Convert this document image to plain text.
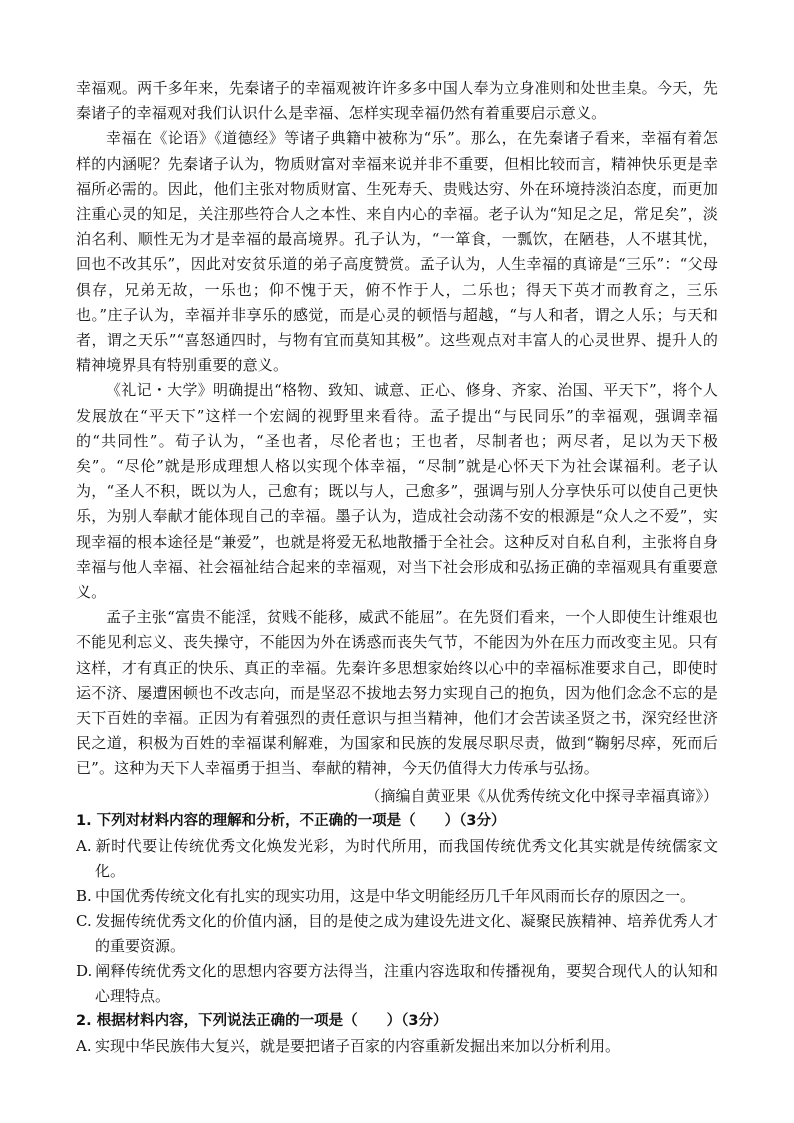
幸福观。两千多年来，先秦诸子的幸福观被许许多多中国人奉为立身准则和处世圭臬。今天，先秦诸子的幸福观对我们认识什么是幸福、怎样实现幸福仍然有着重要启示意义。

幸福在《论语》《道德经》等诸子典籍中被称为“乐”。那么，在先秦诸子看来，幸福有着怎样的内涵呢？先秦诸子认为，物质财富对幸福来说并非不重要，但相比较而言，精神快乐更是幸福所必需的。因此，他们主张对物质财富、生死寿夭、贵贱达穷、外在环境持淡泊态度，而更加注重心灵的知足，关注那些符合人之本性、来自内心的幸福。老子认为“知足之足，常足矣”，淡泊名利、顺性无为才是幸福的最高境界。孔子认为，“一箪食，一瓢饮，在陋巷，人不堪其忧，回也不改其乐”，因此对安贫乐道的弟子高度赞赏。孟子认为，人生幸福的真谛是“三乐”：“父母俱存，兄弟无故，一乐也；仰不愧于天，俯不怍于人，二乐也；得天下英才而教育之，三乐也。”庄子认为，幸福并非享乐的感觉，而是心灵的顿悟与超越，“与人和者，谓之人乐；与天和者，谓之天乐”“喜怒通四时，与物有宜而莫知其极”。这些观点对丰富人的心灵世界、提升人的精神境界具有特别重要的意义。

《礼记・大学》明确提出“格物、致知、诚意、正心、修身、齐家、治国、平天下”，将个人发展放在“平天下”这样一个宏阔的视野里来看待。孟子提出“与民同乐”的幸福观，强调幸福的“共同性”。荀子认为，“圣也者，尽伦者也；王也者，尽制者也；两尽者，足以为天下极矣”。“尽伦”就是形成理想人格以实现个体幸福，“尽制”就是心怀天下为社会谋福利。老子认为，“圣人不积，既以为人，己愈有；既以与人，己愈多”，强调与别人分享快乐可以使自己更快乐，为别人奉献才能体现自己的幸福。墨子认为，造成社会动荡不安的根源是“众人之不爱”，实现幸福的根本途径是“兼爱”，也就是将爱无私地散播于全社会。这种反对自私自利，主张将自身幸福与他人幸福、社会福祉结合起来的幸福观，对当下社会形成和弘扬正确的幸福观具有重要意义。

孟子主张“富贵不能淫，贫贱不能移，威武不能屈”。在先贤们看来，一个人即使生计维艰也不能见利忘义、丧失操守，不能因为外在诱惑而丧失气节，不能因为外在压力而改变主见。只有这样，才有真正的快乐、真正的幸福。先秦许多思想家始终以心中的幸福标准要求自己，即使时运不济、屡遭困顿也不改志向，而是坚忍不拔地去努力实现自己的抱负，因为他们念念不忘的是天下百姓的幸福。正因为有着强烈的责任意识与担当精神，他们才会苦读圣贤之书，深究经世济民之道，积极为百姓的幸福谋利解难，为国家和民族的发展尽职尽责，做到“鞠躬尽瘁，死而后已”。这种为天下人幸福勇于担当、奉献的精神，今天仍值得大力传承与弘扬。

（摘编自黄亚果《从优秀传统文化中探寻幸福真谛》）

1. 下列对材料内容的理解和分析，不正确的一项是（　　）（3分）

A. 新时代要让传统优秀文化焕发光彩，为时代所用，而我国传统优秀文化其实就是传统儒家文化。

B. 中国优秀传统文化有扎实的现实功用，这是中华文明能经历几千年风雨而长存的原因之一。

C. 发掘传统优秀文化的价值内涵，目的是使之成为建设先进文化、凝聚民族精神、培养优秀人才的重要资源。

D. 阐释传统优秀文化的思想内容要方法得当，注重内容选取和传播视角，要契合现代人的认知和心理特点。

2. 根据材料内容，下列说法正确的一项是（　　）（3分）

A. 实现中华民族伟大复兴，就是要把诸子百家的内容重新发掘出来加以分析利用。
